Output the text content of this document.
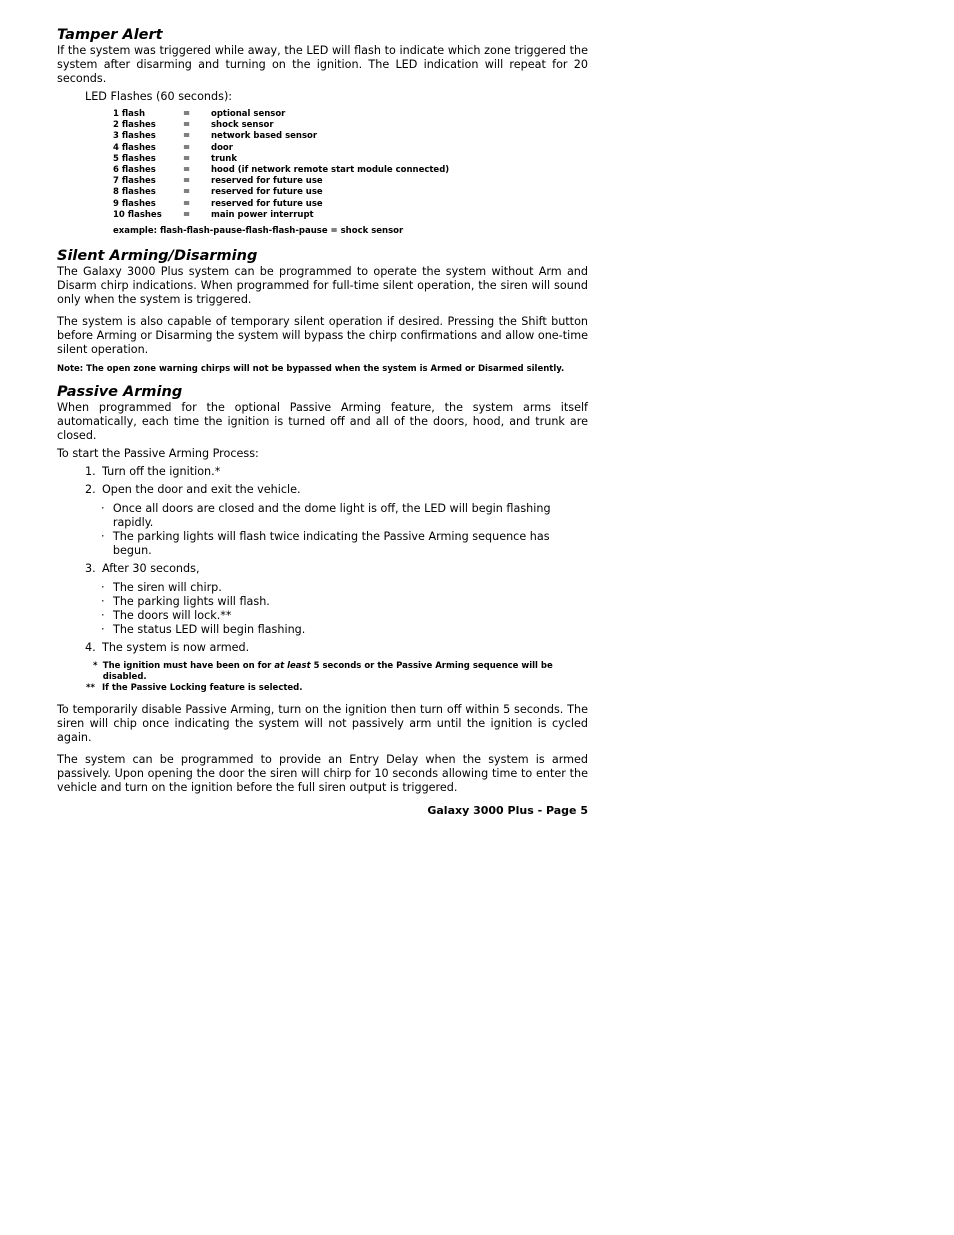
Tamper Alert

If the system was triggered while away, the LED will flash to indicate which zone triggered the system after disarming and turning on the ignition. The LED indication will repeat for 20 seconds.

LED Flashes (60 seconds):

1 flash	=	optional sensor
2 flashes	=	shock sensor
3 flashes	=	network based sensor
4 flashes	=	door
5 flashes	=	trunk
6 flashes	=	hood (if network remote start module connected)
7 flashes	=	reserved for future use
8 flashes	=	reserved for future use
9 flashes	=	reserved for future use
10 flashes	=	main power interrupt

example: flash-flash-pause-flash-flash-pause = shock sensor

Silent Arming/Disarming

The Galaxy 3000 Plus system can be programmed to operate the system without Arm and Disarm chirp indications. When programmed for full-time silent operation, the siren will sound only when the system is triggered.

The system is also capable of temporary silent operation if desired. Pressing the Shift button before Arming or Disarming the system will bypass the chirp confirmations and allow one-time silent operation.

Note: The open zone warning chirps will not be bypassed when the system is Armed or Disarmed silently.

Passive Arming

When programmed for the optional Passive Arming feature, the system arms itself automatically, each time the ignition is turned off and all of the doors, hood, and trunk are closed.

To start the Passive Arming Process:

1. Turn off the ignition.*
2. Open the door and exit the vehicle.
· Once all doors are closed and the dome light is off, the LED will begin flashing rapidly.
· The parking lights will flash twice indicating the Passive Arming sequence has begun.
3. After 30 seconds,
· The siren will chirp.
· The parking lights will flash.
· The doors will lock.**
· The status LED will begin flashing.
4. The system is now armed.
* The ignition must have been on for at least 5 seconds or the Passive Arming sequence will be disabled.
** If the Passive Locking feature is selected.

To temporarily disable Passive Arming, turn on the ignition then turn off within 5 seconds. The siren will chip once indicating the system will not passively arm until the ignition is cycled again.

The system can be programmed to provide an Entry Delay when the system is armed passively. Upon opening the door the siren will chirp for 10 seconds allowing time to enter the vehicle and turn on the ignition before the full siren output is triggered.

Galaxy 3000 Plus - Page 5
